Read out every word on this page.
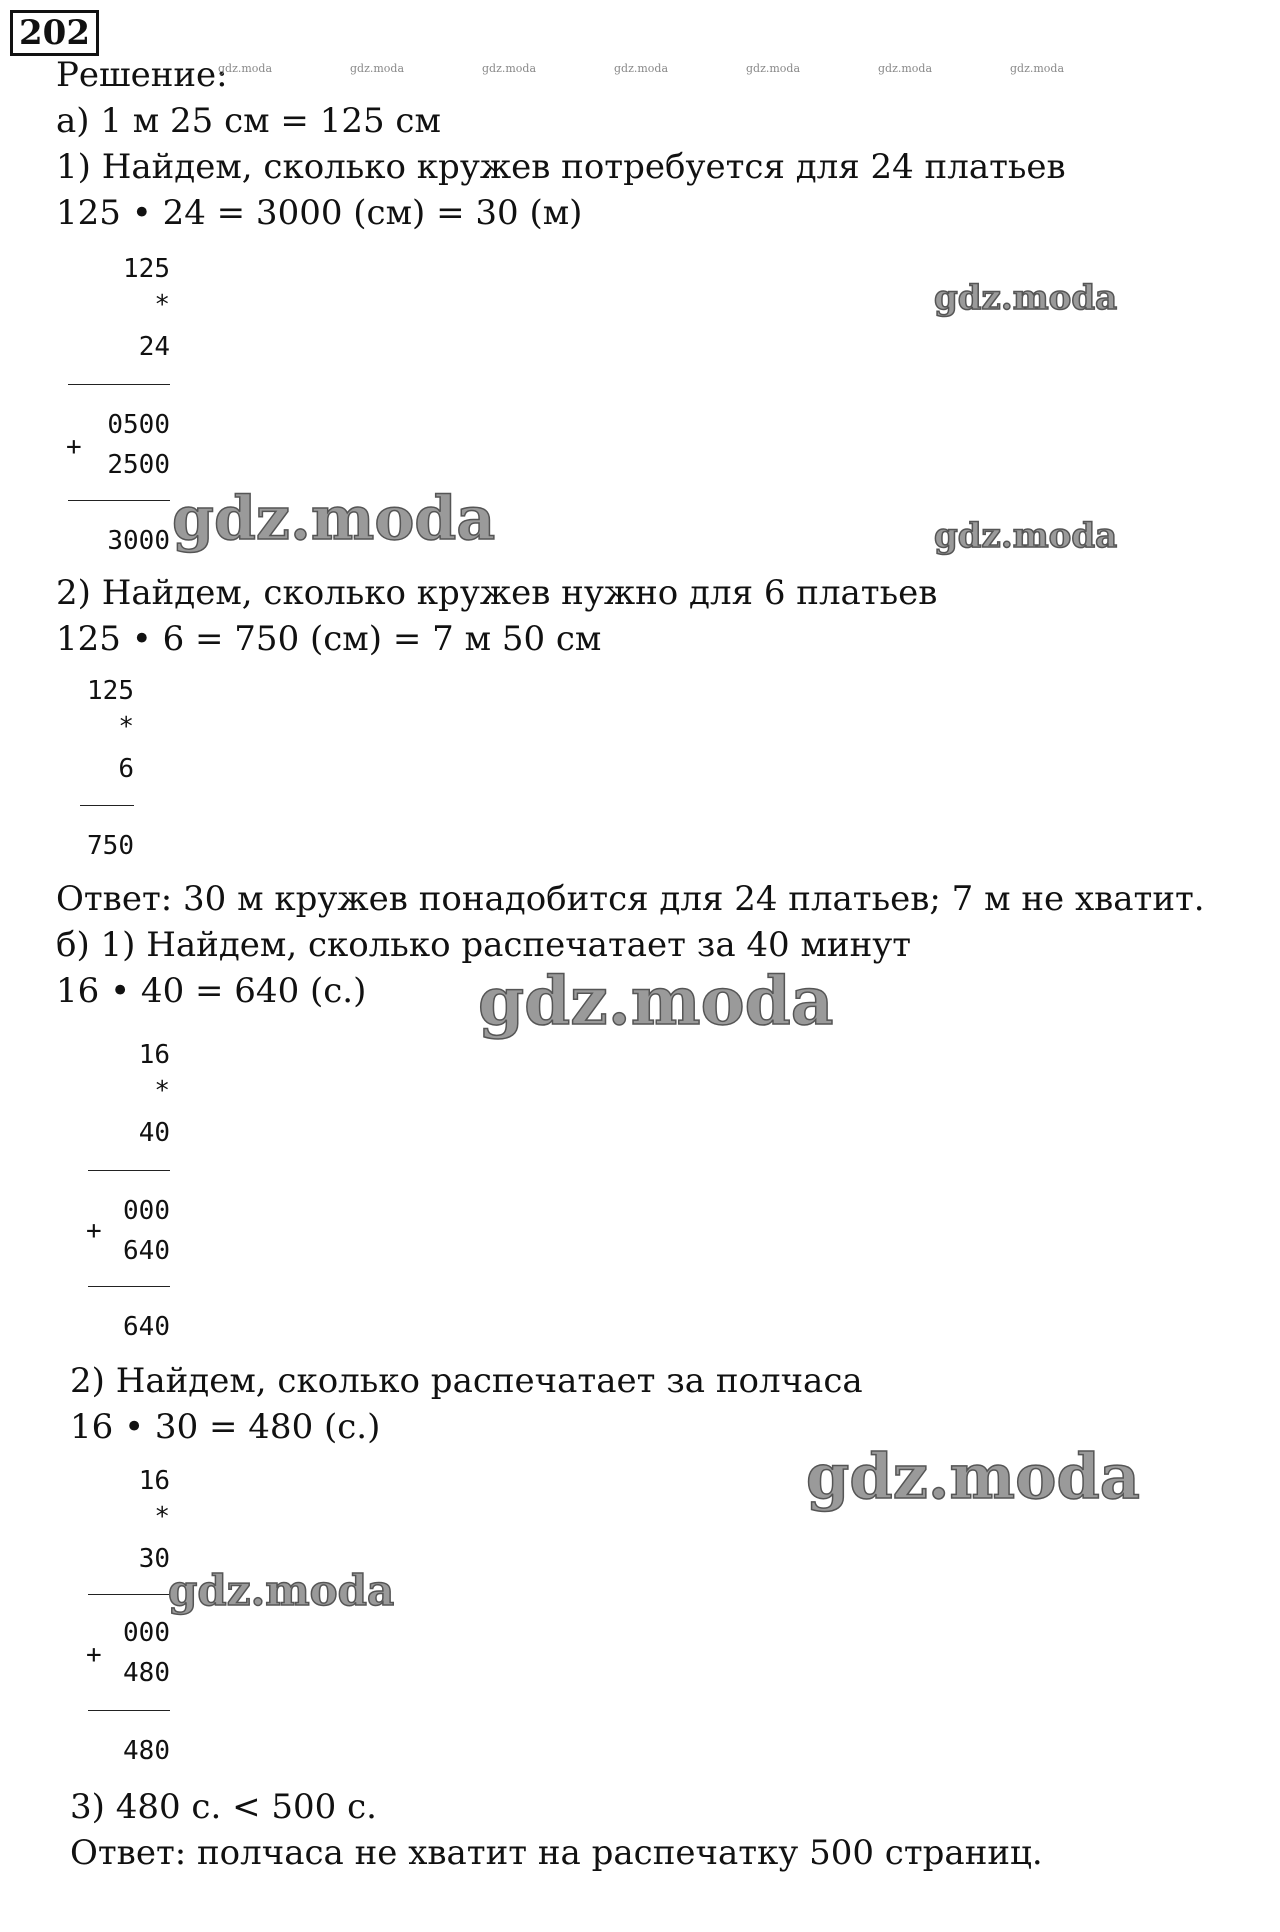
202
Решение:
а) 1 м 25 см = 125 см
1) Найдем, сколько кружев потребуется для 24 платьев
125 • 24 = 3000 (см) = 30 (м)
125
*
24
+
0500
2500
3000
2) Найдем, сколько кружев нужно для 6 платьев
125 • 6 = 750 (см) = 7 м 50 см
125
*
6
750
Ответ: 30 м кружев понадобится для 24 платьев; 7 м не хватит.
б) 1) Найдем, сколько распечатает за 40 минут
16 • 40 = 640 (с.)
16
*
40
+
000
640
640
2) Найдем, сколько распечатает за полчаса
16 • 30 = 480 (с.)
16
*
30
+
000
480
480
3) 480 с. < 500 с.
Ответ: полчаса не хватит на распечатку 500 страниц.
gdz.moda	gdz.moda	gdz.moda	gdz.moda	gdz.moda	gdz.moda	gdz.moda
gdz.moda
gdz.moda	gdz.moda
gdz.moda
gdz.moda
gdz.moda
